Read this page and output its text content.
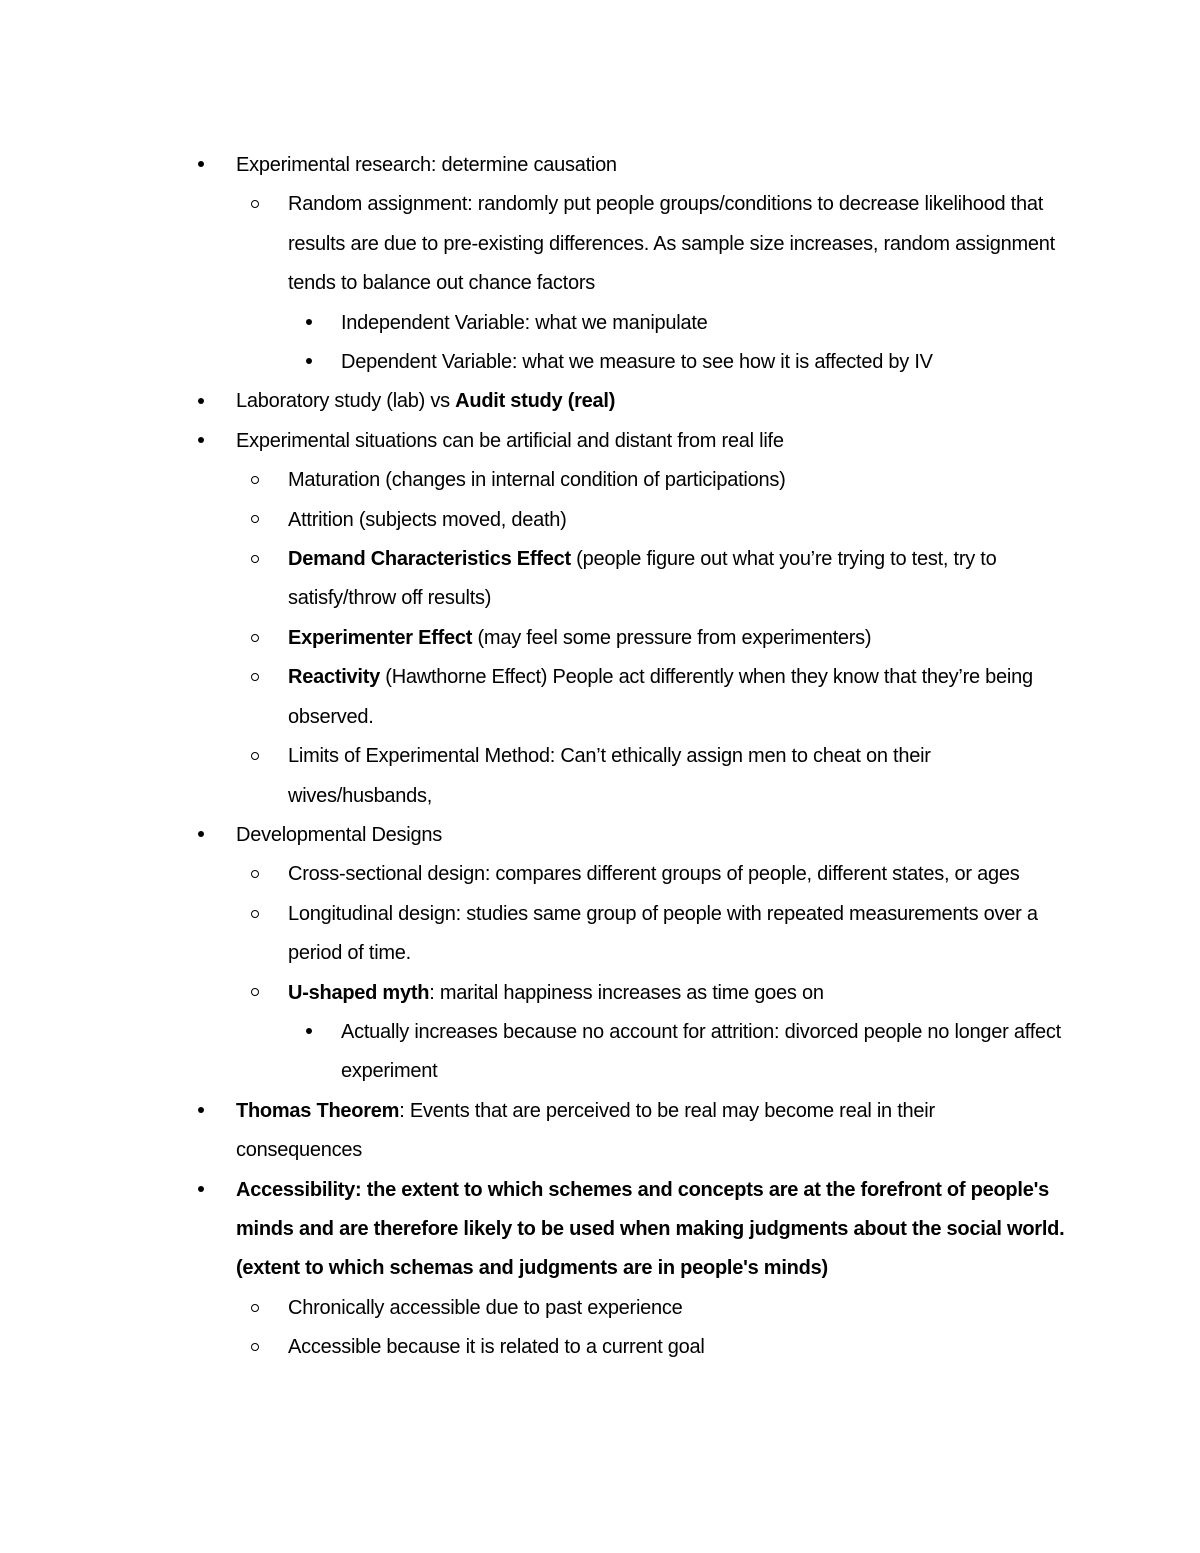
Experimental research: determine causation
Random assignment: randomly put people groups/conditions to decrease likelihood that results are due to pre-existing differences. As sample size increases, random assignment tends to balance out chance factors
Independent Variable: what we manipulate
Dependent Variable: what we measure to see how it is affected by IV
Laboratory study (lab) vs Audit study (real)
Experimental situations can be artificial and distant from real life
Maturation (changes in internal condition of participations)
Attrition (subjects moved, death)
Demand Characteristics Effect (people figure out what you’re trying to test, try to satisfy/throw off results)
Experimenter Effect (may feel some pressure from experimenters)
Reactivity (Hawthorne Effect) People act differently when they know that they’re being observed.
Limits of Experimental Method: Can’t ethically assign men to cheat on their wives/husbands,
Developmental Designs
Cross-sectional design: compares different groups of people, different states, or ages
Longitudinal design: studies same group of people with repeated measurements over a period of time.
U-shaped myth: marital happiness increases as time goes on
Actually increases because no account for attrition: divorced people no longer affect experiment
Thomas Theorem: Events that are perceived to be real may become real in their consequences
Accessibility: the extent to which schemes and concepts are at the forefront of people's minds and are therefore likely to be used when making judgments about the social world. (extent to which schemas and judgments are in people's minds)
Chronically accessible due to past experience
Accessible because it is related to a current goal
